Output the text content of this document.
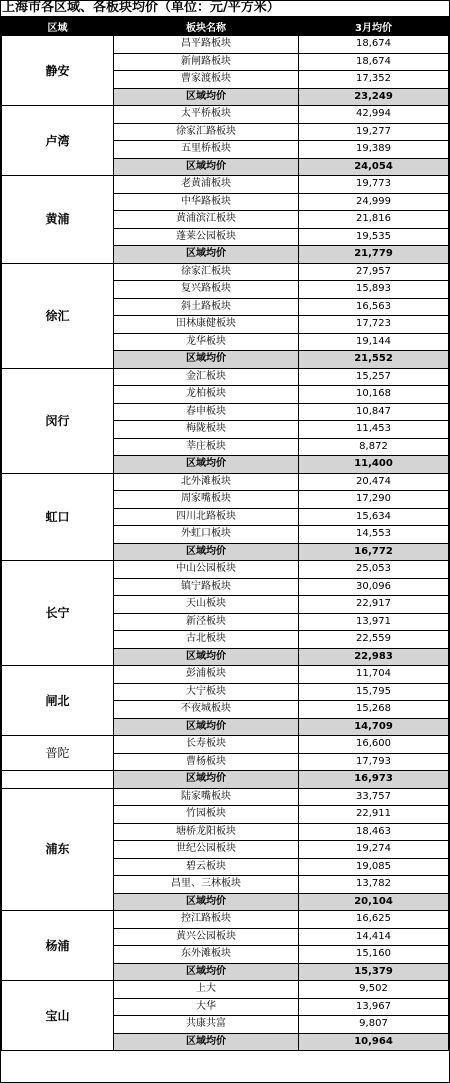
上海市各区域、各板块均价（单位：元/平方米）
区域	板块名称	3月均价
静安	昌平路板块	18,674
	新闸路板块	18,674
	曹家渡板块	17,352
	区域均价	23,249
卢湾	太平桥板块	42,994
	徐家汇路板块	19,277
	五里桥板块	19,389
	区域均价	24,054
黄浦	老黄浦板块	19,773
	中华路板块	24,999
	黄浦滨江板块	21,816
	蓬莱公园板块	19,535
	区域均价	21,779
徐汇	徐家汇板块	27,957
	复兴路板块	15,893
	斜土路板块	16,563
	田林康健板块	17,723
	龙华板块	19,144
	区域均价	21,552
闵行	金汇板块	15,257
	龙柏板块	10,168
	春申板块	10,847
	梅陇板块	11,453
	莘庄板块	8,872
	区域均价	11,400
虹口	北外滩板块	20,474
	周家嘴板块	17,290
	四川北路板块	15,634
	外虹口板块	14,553
	区域均价	16,772
长宁	中山公园板块	25,053
	镇宁路板块	30,096
	天山板块	22,917
	新泾板块	13,971
	古北板块	22,559
	区域均价	22,983
闸北	彭浦板块	11,704
	大宁板块	15,795
	不夜城板块	15,268
	区域均价	14,709
普陀	长寿板块	16,600
	曹杨板块	17,793
	区域均价	16,973
浦东	陆家嘴板块	33,757
	竹园板块	22,911
	塘桥龙阳板块	18,463
	世纪公园板块	19,274
	碧云板块	19,085
	昌里、三林板块	13,782
	区域均价	20,104
杨浦	控江路板块	16,625
	黄兴公园板块	14,414
	东外滩板块	15,160
	区域均价	15,379
宝山	上大	9,502
	大华	13,967
	共康共富	9,807
	区域均价	10,964
